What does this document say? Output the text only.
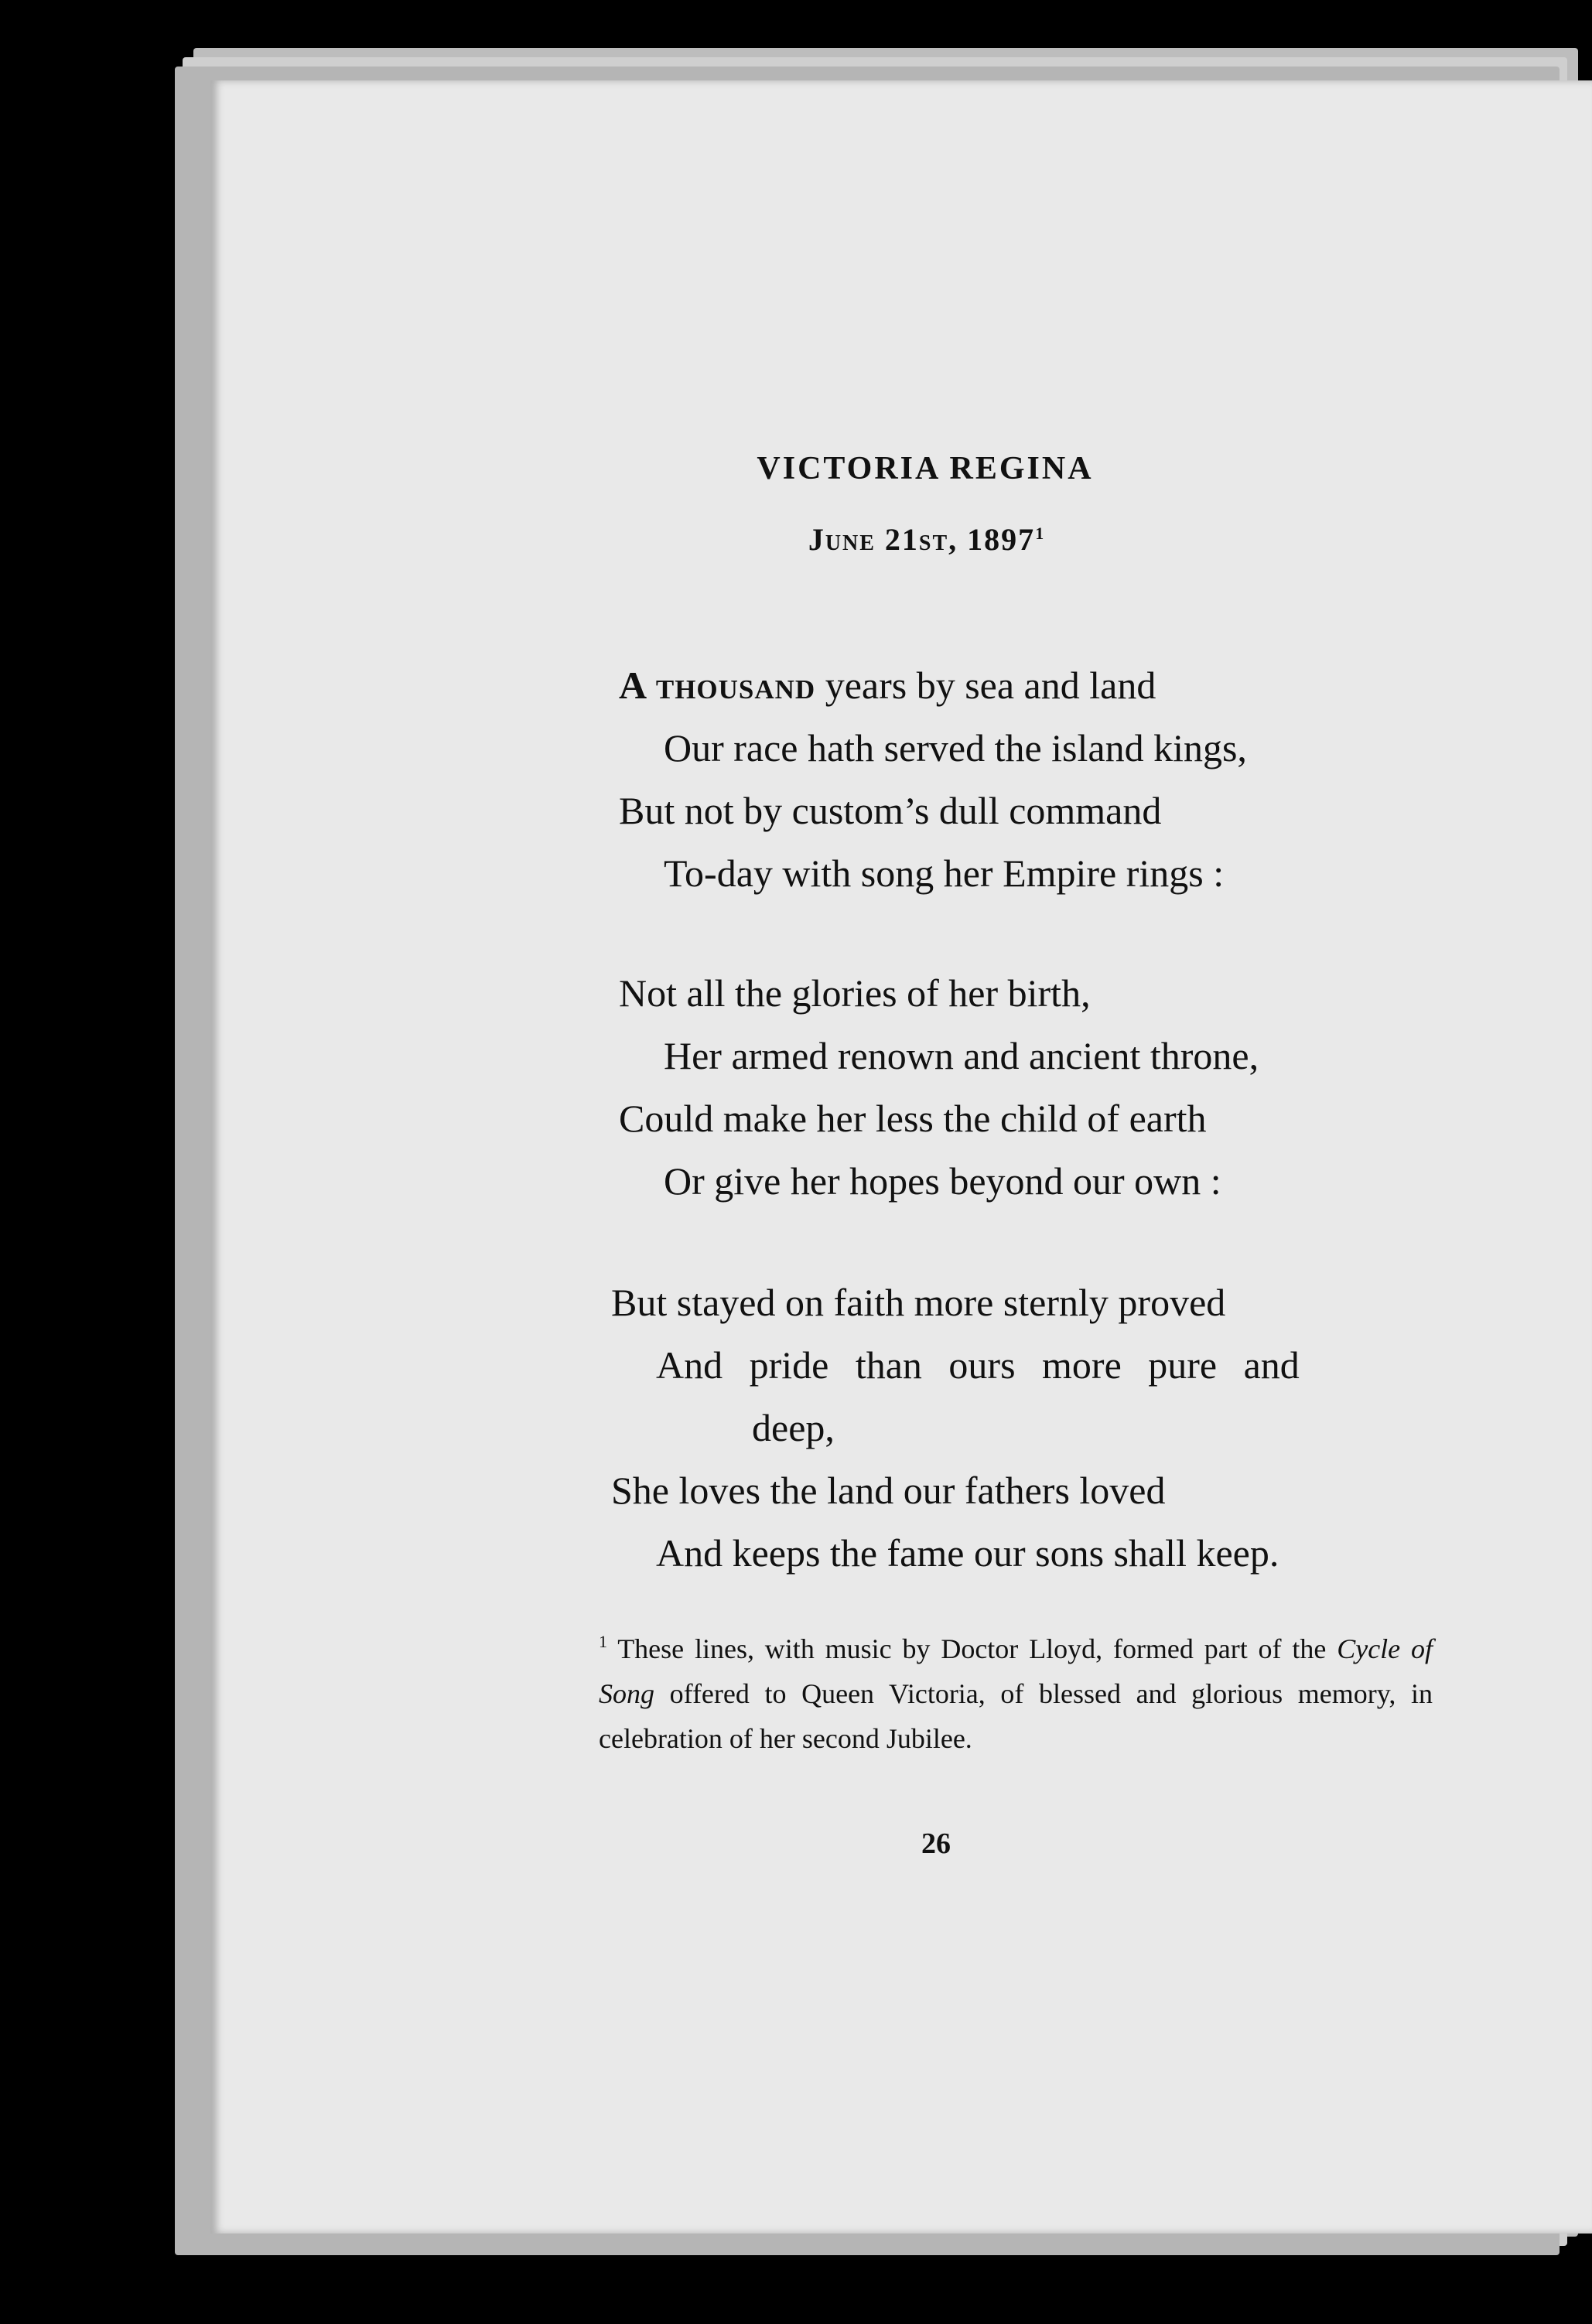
VICTORIA REGINA
June 21st, 1897$^1$
A thousand years by sea and land
Our race hath served the island kings,
But not by custom’s dull command
To-day with song her Empire rings :
Not all the glories of her birth,
Her armed renown and ancient throne,
Could make her less the child of earth
Or give her hopes beyond our own :
But stayed on faith more sternly proved
And pride than ours more pure and
deep,
She loves the land our fathers loved
And keeps the fame our sons shall keep.
$^1$ These lines, with music by Doctor Lloyd, formed part of the Cycle of Song offered to Queen Victoria, of blessed and glorious memory, in celebration of her second Jubilee.
26
